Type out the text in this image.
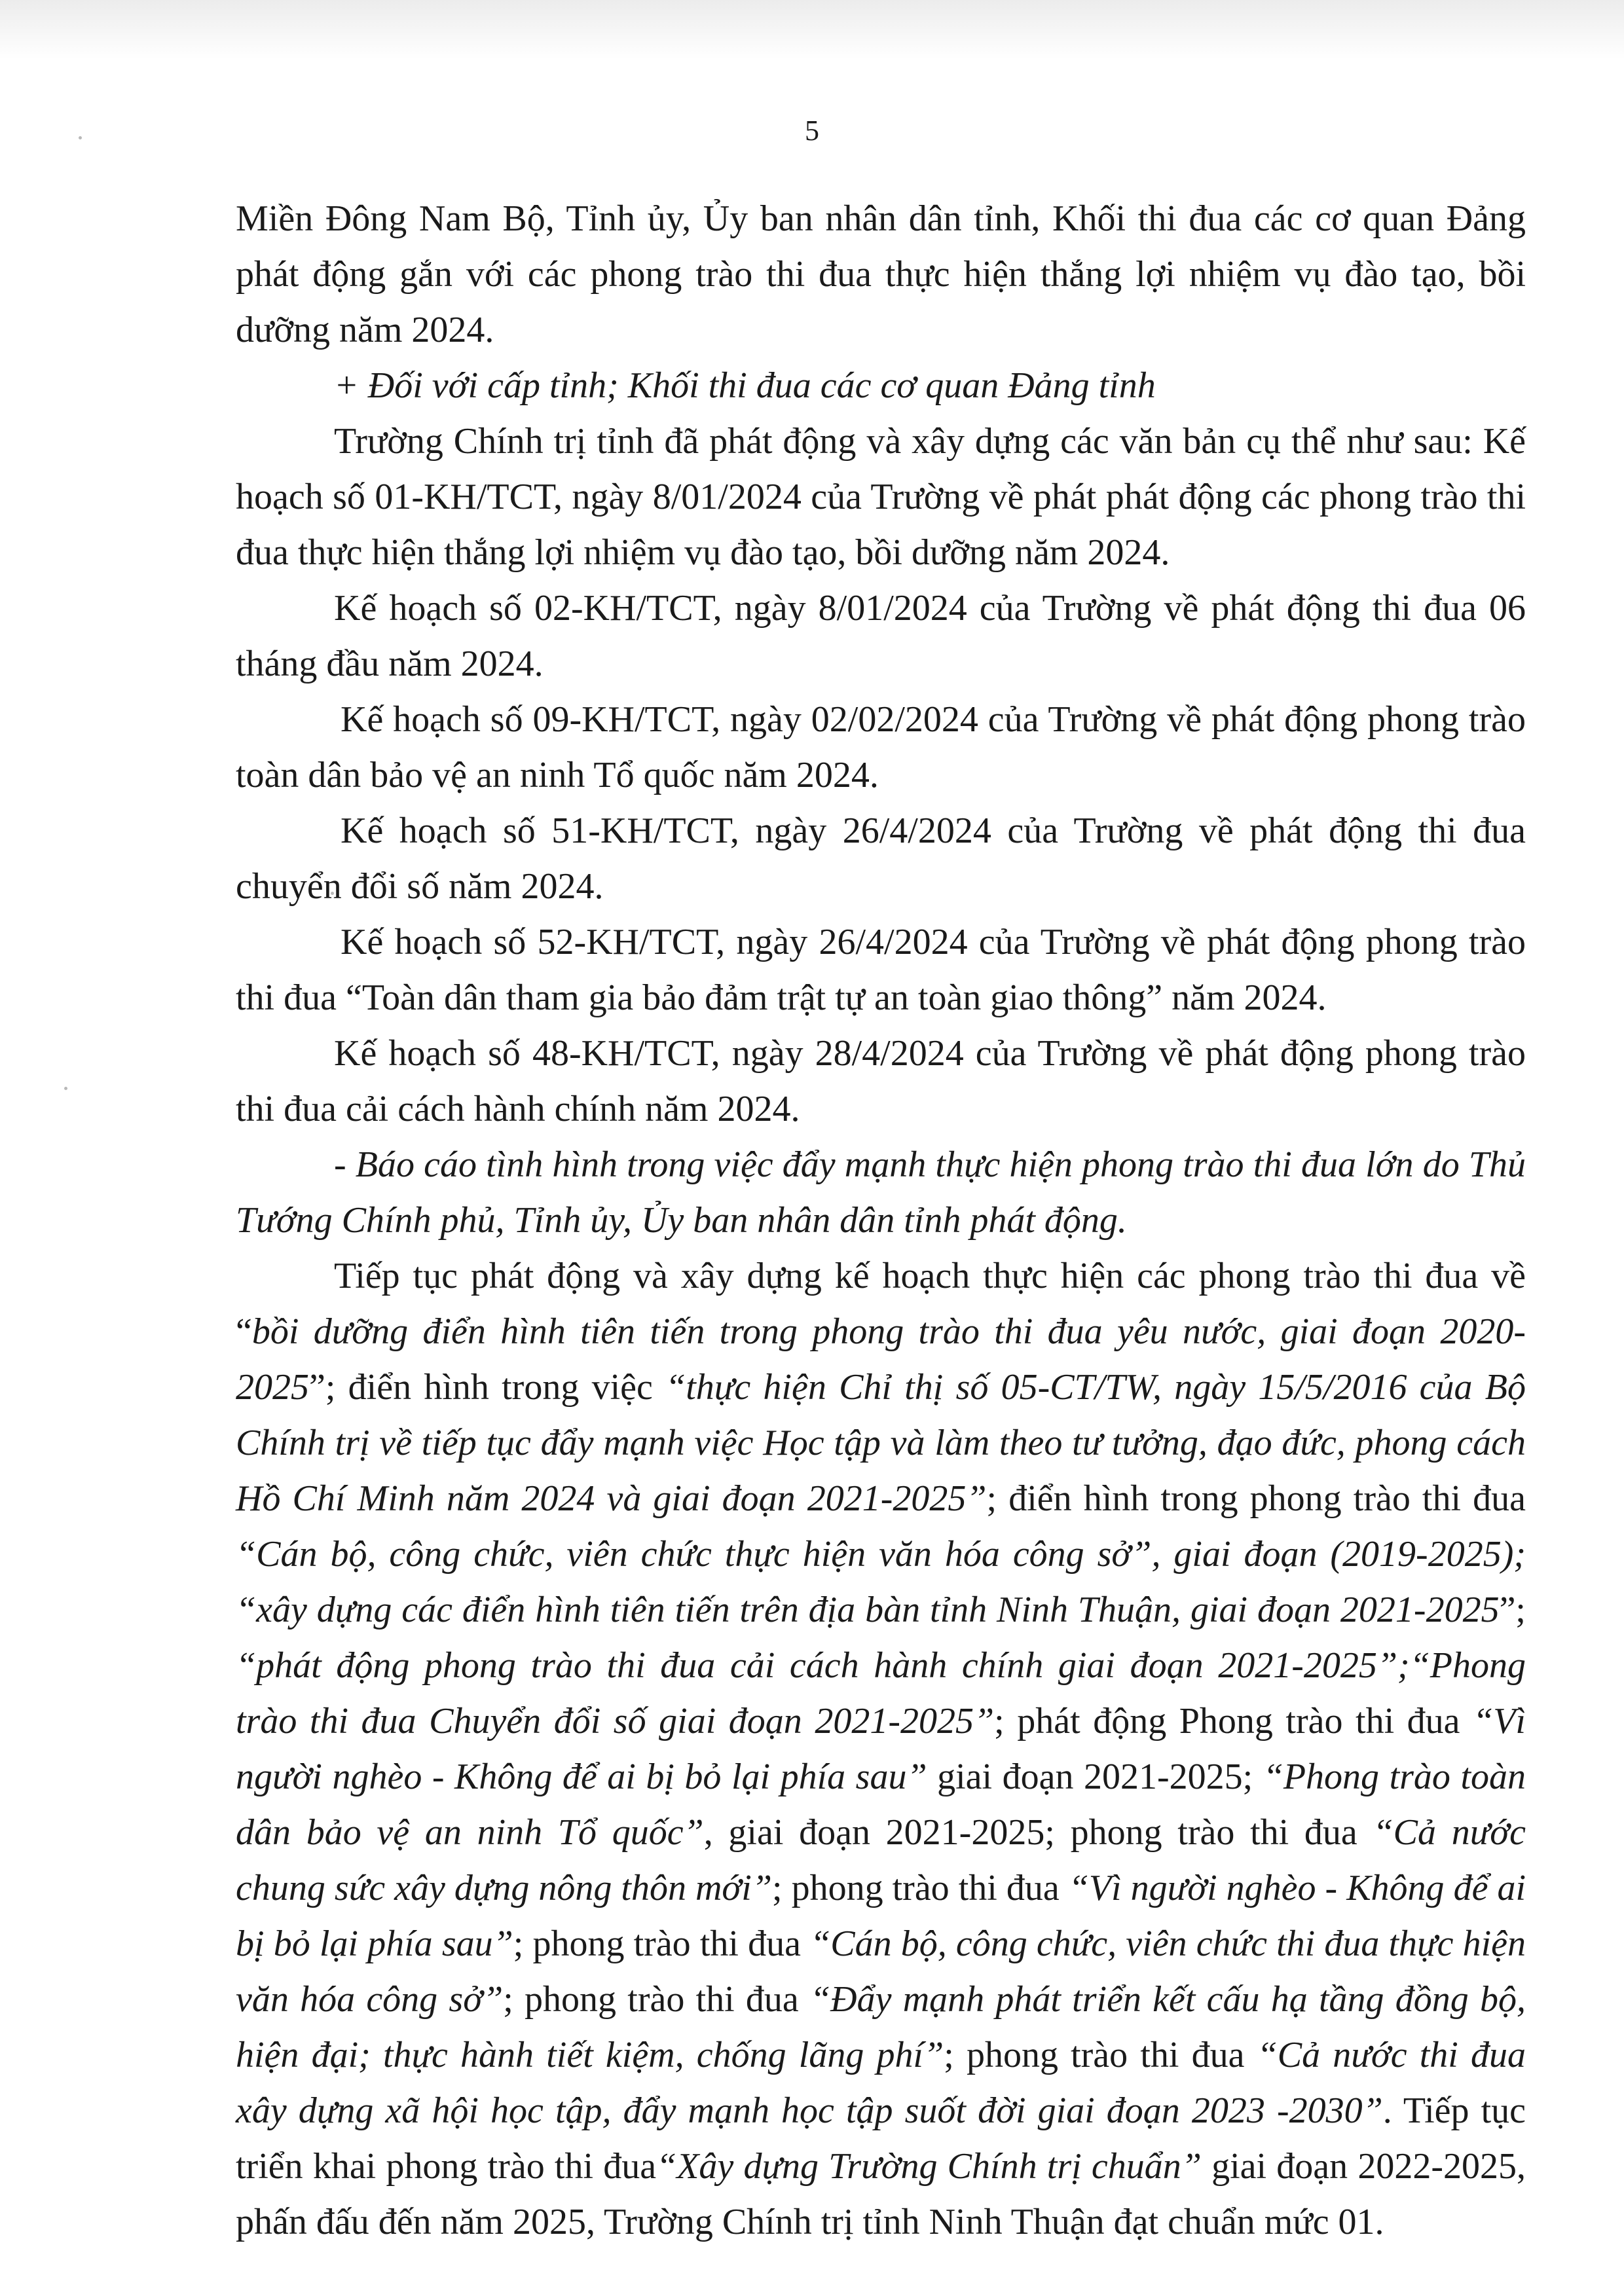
5

Miền Đông Nam Bộ, Tỉnh ủy, Ủy ban nhân dân tỉnh, Khối thi đua các cơ quan Đảng phát động gắn với các phong trào thi đua thực hiện thắng lợi nhiệm vụ đào tạo, bồi dưỡng năm 2024.

+ Đối với cấp tỉnh; Khối thi đua các cơ quan Đảng tỉnh

Trường Chính trị tỉnh đã phát động và xây dựng các văn bản cụ thể như sau: Kế hoạch số 01-KH/TCT, ngày 8/01/2024 của Trường về phát phát động các phong trào thi đua thực hiện thắng lợi nhiệm vụ đào tạo, bồi dưỡng năm 2024.

Kế hoạch số 02-KH/TCT, ngày 8/01/2024 của Trường về phát động thi đua 06 tháng đầu năm 2024.

Kế hoạch số 09-KH/TCT, ngày 02/02/2024 của Trường về phát động phong trào toàn dân bảo vệ an ninh Tổ quốc năm 2024.

Kế hoạch số 51-KH/TCT, ngày 26/4/2024 của Trường về phát động thi đua chuyển đổi số năm 2024.

Kế hoạch số 52-KH/TCT, ngày 26/4/2024 của Trường về phát động phong trào thi đua “Toàn dân tham gia bảo đảm trật tự an toàn giao thông” năm 2024.

Kế hoạch số 48-KH/TCT, ngày 28/4/2024 của Trường về phát động phong trào thi đua cải cách hành chính năm 2024.

- Báo cáo tình hình trong việc đẩy mạnh thực hiện phong trào thi đua lớn do Thủ Tướng Chính phủ, Tỉnh ủy, Ủy ban nhân dân tỉnh phát động.

Tiếp tục phát động và xây dựng kế hoạch thực hiện các phong trào thi đua về “bồi dưỡng điển hình tiên tiến trong phong trào thi đua yêu nước, giai đoạn 2020-2025”; điển hình trong việc “thực hiện Chỉ thị số 05-CT/TW, ngày 15/5/2016 của Bộ Chính trị về tiếp tục đẩy mạnh việc Học tập và làm theo tư tưởng, đạo đức, phong cách Hồ Chí Minh năm 2024 và giai đoạn 2021-2025”; điển hình trong phong trào thi đua “Cán bộ, công chức, viên chức thực hiện văn hóa công sở”, giai đoạn (2019-2025); “xây dựng các điển hình tiên tiến trên địa bàn tỉnh Ninh Thuận, giai đoạn 2021-2025”; “phát động phong trào thi đua cải cách hành chính giai đoạn 2021-2025”;“Phong trào thi đua Chuyển đổi số giai đoạn 2021-2025”; phát động Phong trào thi đua “Vì người nghèo - Không để ai bị bỏ lại phía sau” giai đoạn 2021-2025; “Phong trào toàn dân bảo vệ an ninh Tổ quốc”, giai đoạn 2021-2025; phong trào thi đua “Cả nước chung sức xây dựng nông thôn mới”; phong trào thi đua “Vì người nghèo - Không để ai bị bỏ lại phía sau”; phong trào thi đua “Cán bộ, công chức, viên chức thi đua thực hiện văn hóa công sở”; phong trào thi đua “Đẩy mạnh phát triển kết cấu hạ tầng đồng bộ, hiện đại; thực hành tiết kiệm, chống lãng phí”; phong trào thi đua “Cả nước thi đua xây dựng xã hội học tập, đẩy mạnh học tập suốt đời giai đoạn 2023 -2030”. Tiếp tục triển khai phong trào thi đua“Xây dựng Trường Chính trị chuẩn” giai đoạn 2022-2025, phấn đấu đến năm 2025, Trường Chính trị tỉnh Ninh Thuận đạt chuẩn mức 01.
